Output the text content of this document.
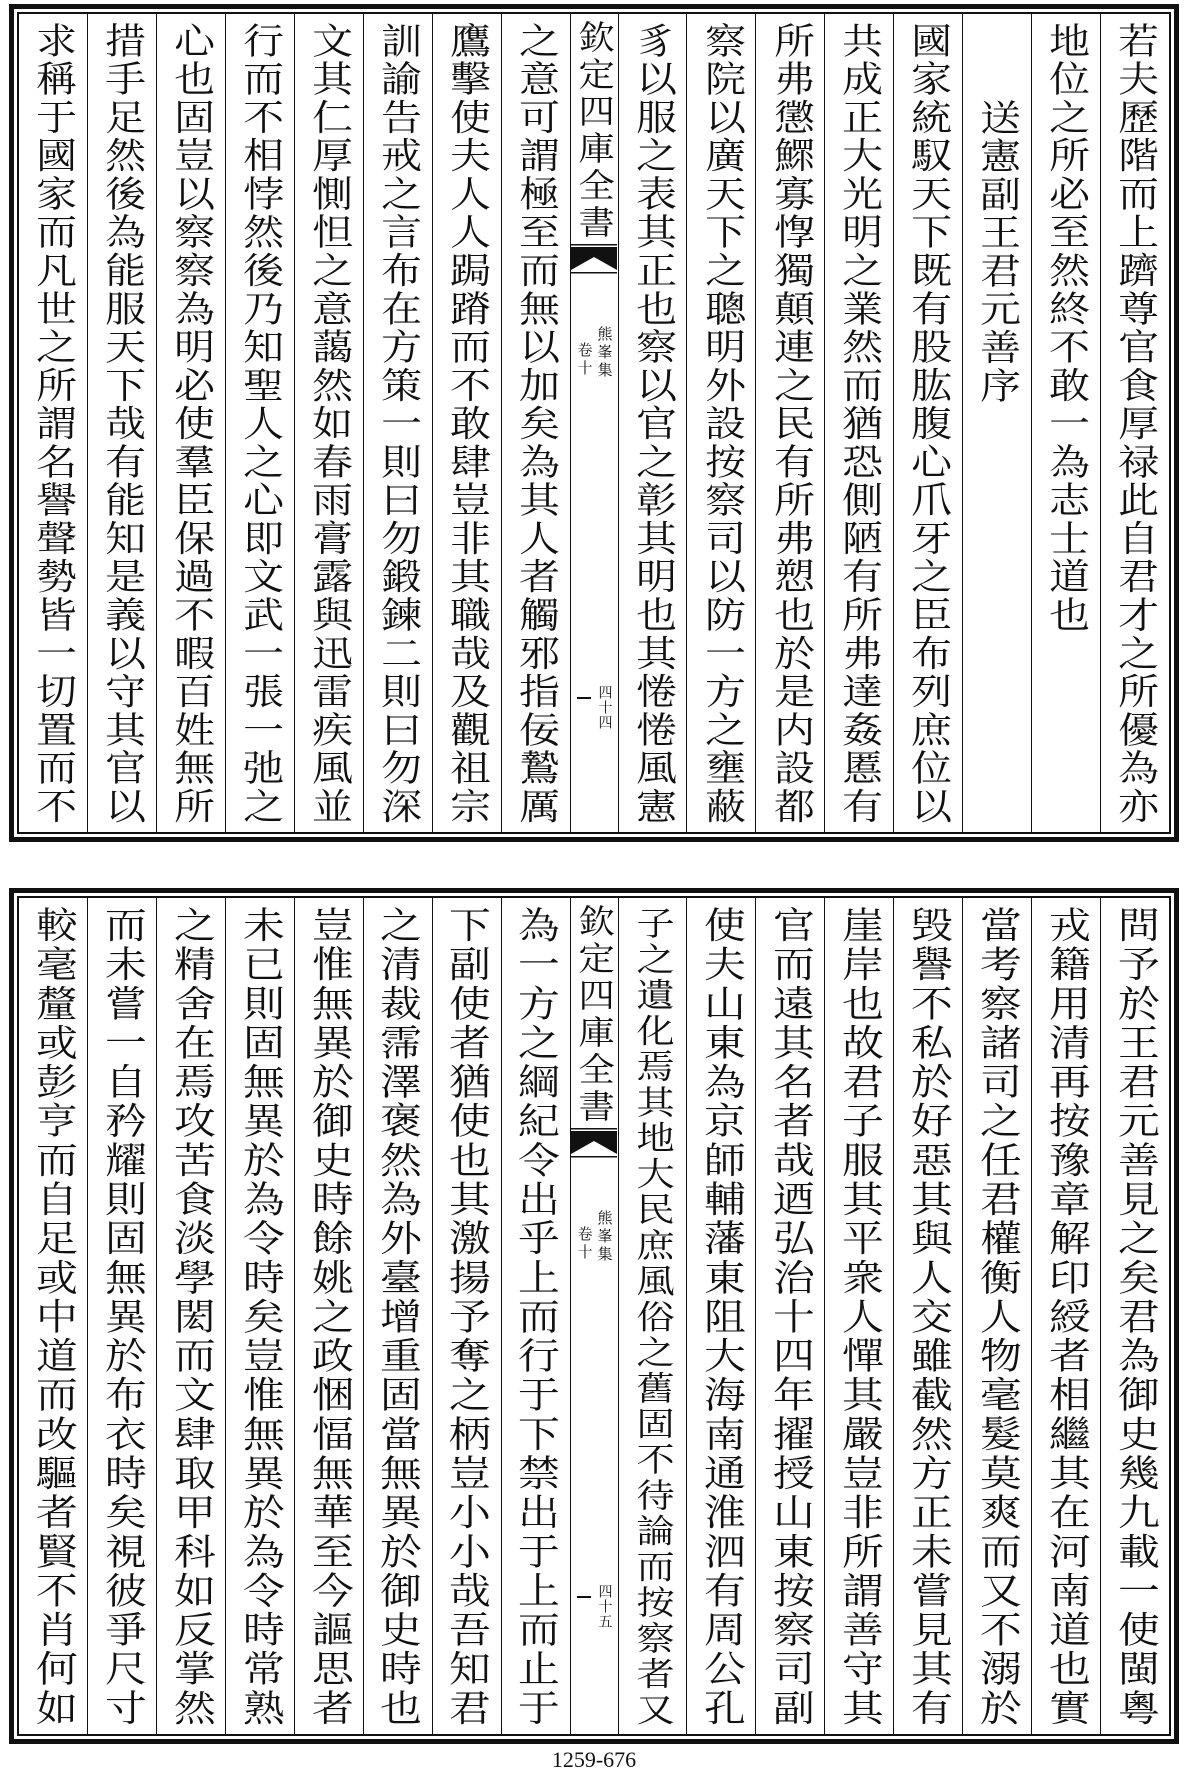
若夫歷階而上躋尊官食厚禄此自君才之所優為亦
地位之所必至然終不敢一為志士道也
送憲副王君元善序
國家統馭天下既有股肱腹心爪牙之臣布列庶位以
共成正大光明之業然而猶恐側陋有所弗達姦慝有
所弗懲鰥寡惸獨顛連之民有所弗愬也於是内設都
察院以廣天下之聰明外設按察司以防一方之壅蔽
豸以服之表其正也察以官之彰其明也其惓惓風憲
欽定四庫全書
熊峯集
卷十
四十四
之意可謂極至而無以加矣為其人者觸邪指佞鷙厲
鷹擊使夫人人跼蹐而不敢肆豈非其職哉及觀祖宗
訓諭告戒之言布在方策一則曰勿鍛鍊二則曰勿深
文其仁厚惻怛之意藹然如春雨膏露與迅雷疾風並
行而不相悖然後乃知聖人之心即文武一張一弛之
心也固豈以察察為明必使羣臣保過不暇百姓無所
措手足然後為能服天下哉有能知是義以守其官以
求稱于國家而凡世之所謂名譽聲勢皆一切置而不
問予於王君元善見之矣君為御史幾九載一使閩粵
戎籍用清再按豫章解印綬者相繼其在河南道也實
當考察諸司之任君權衡人物毫髮莫爽而又不溺於
毁譽不私於好惡其與人交雖截然方正未嘗見其有
崖岸也故君子服其平衆人憚其嚴豈非所謂善守其
官而遠其名者哉迺弘治十四年擢授山東按察司副
使夫山東為京師輔藩東阻大海南通淮泗有周公孔
子之遺化焉其地大民庶風俗之舊固不待論而按察者又
欽定四庫全書
熊峯集
卷十
四十五
為一方之綱紀令出乎上而行于下禁出于上而止于
下副使者猶使也其激揚予奪之柄豈小小哉吾知君
之清裁霈澤褒然為外臺增重固當無異於御史時也
豈惟無異於御史時餘姚之政悃愊無華至今謳思者
未已則固無異於為令時矣豈惟無異於為令時常熟
之精舍在焉攻苦食淡學閎而文肆取甲科如反掌然
而未嘗一自矜耀則固無異於布衣時矣視彼爭尺寸
較毫釐或彭亨而自足或中道而改驅者賢不肖何如
1259-676
